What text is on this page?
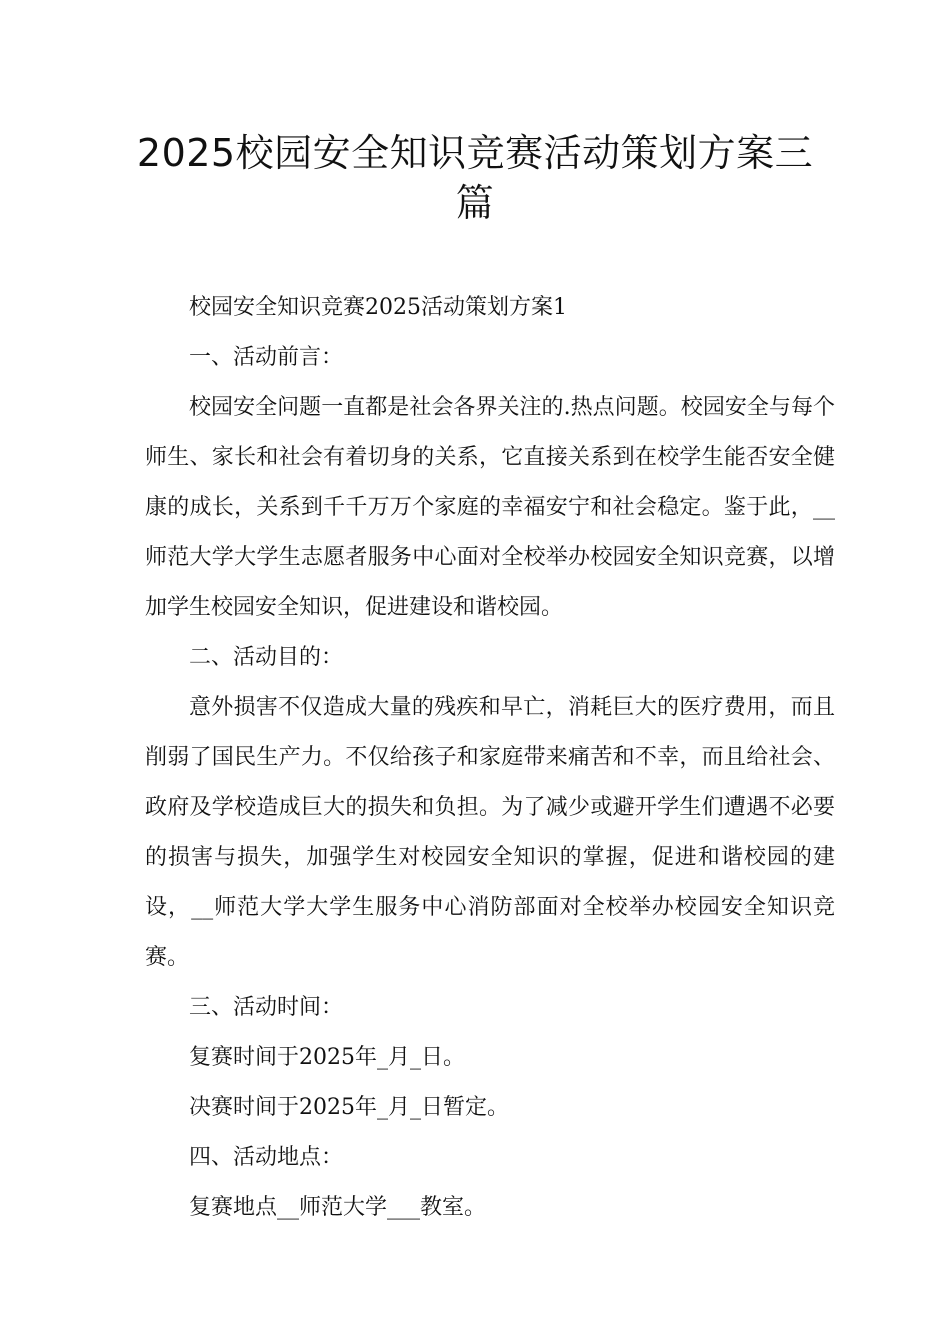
2025校园安全知识竞赛活动策划方案三篇

校园安全知识竞赛2025活动策划方案1

一、活动前言：

校园安全问题一直都是社会各界关注的.热点问题。校园安全与每个师生、家长和社会有着切身的关系，它直接关系到在校学生能否安全健康的成长，关系到千千万万个家庭的幸福安宁和社会稳定。鉴于此，__师范大学大学生志愿者服务中心面对全校举办校园安全知识竞赛，以增加学生校园安全知识，促进建设和谐校园。

二、活动目的：

意外损害不仅造成大量的残疾和早亡，消耗巨大的医疗费用，而且削弱了国民生产力。不仅给孩子和家庭带来痛苦和不幸，而且给社会、政府及学校造成巨大的损失和负担。为了减少或避开学生们遭遇不必要的损害与损失，加强学生对校园安全知识的掌握，促进和谐校园的建设，__师范大学大学生服务中心消防部面对全校举办校园安全知识竞赛。

三、活动时间：

复赛时间于2025年_月_日。

决赛时间于2025年_月_日暂定。

四、活动地点：

复赛地点__师范大学___教室。
